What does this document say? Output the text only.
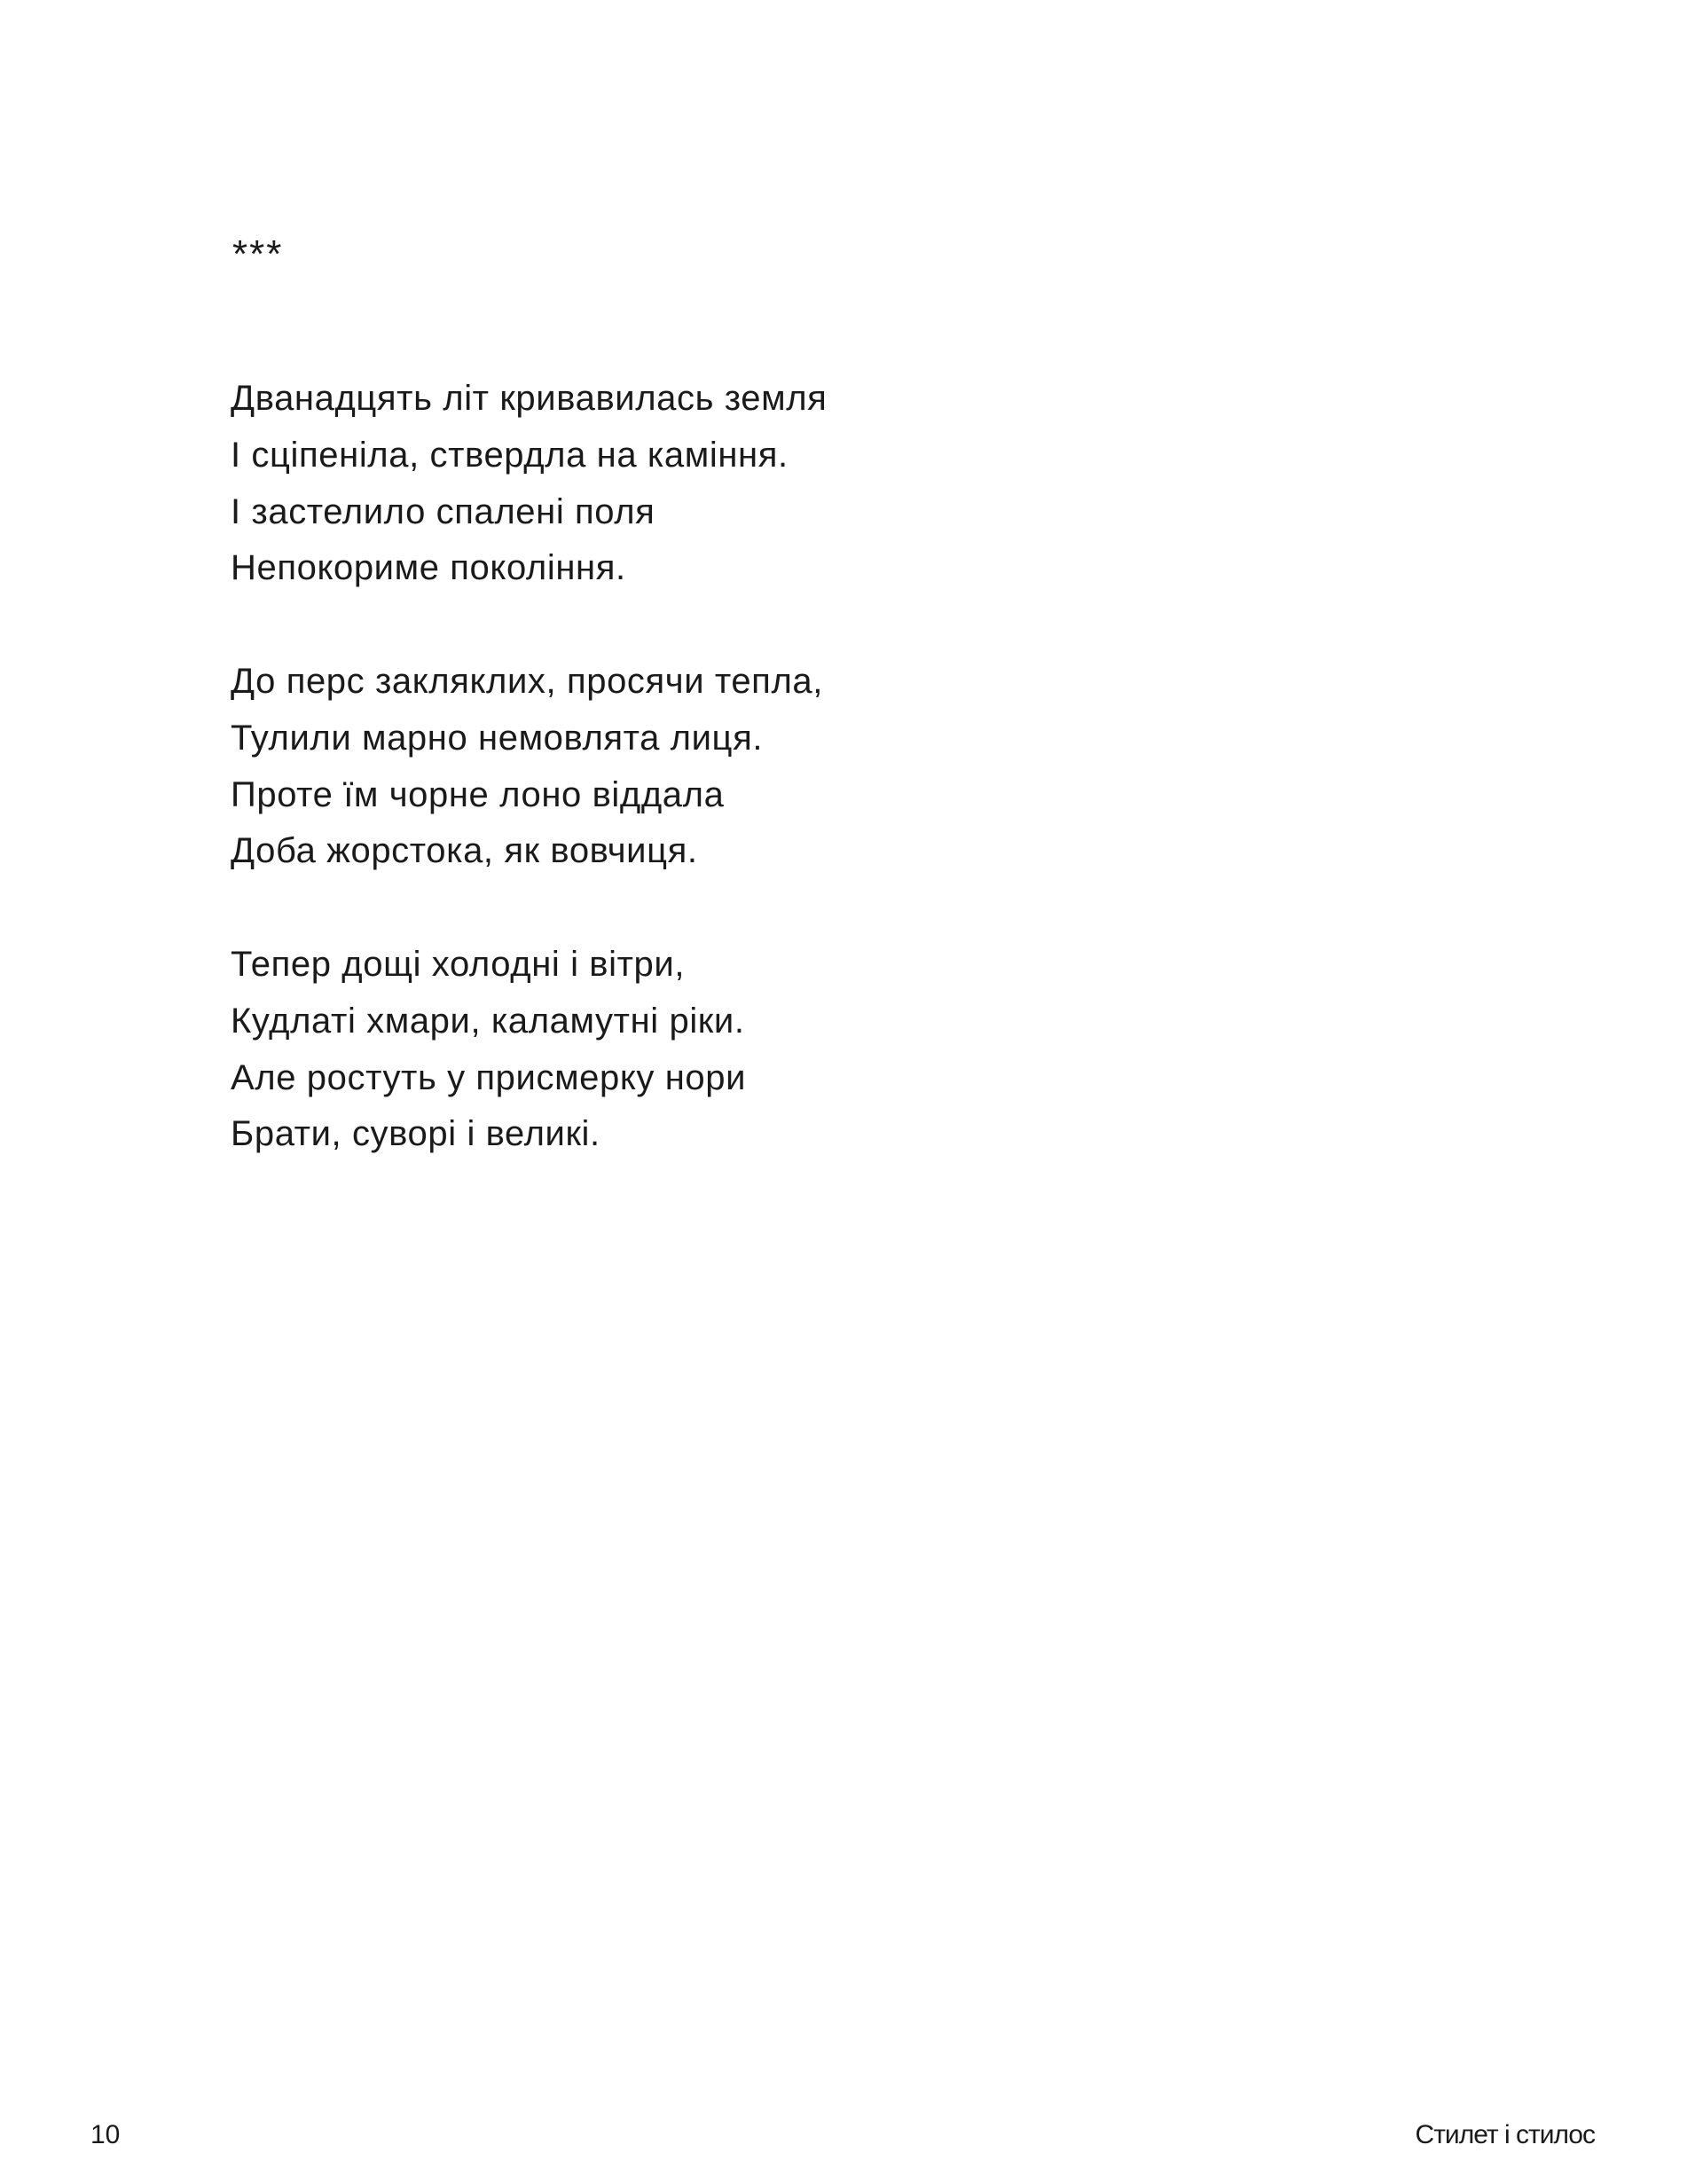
***
Дванадцять літ кривавилась земля
І сціпеніла, ствердла на каміння.
І застелило спалені поля
Непокориме покоління.
До перс закляклих, просячи тепла,
Тулили марно немовлята лиця.
Проте їм чорне лоно віддала
Доба жорстока, як вовчиця.
Тепер дощі холодні і вітри,
Кудлаті хмари, каламутні ріки.
Але ростуть у присмерку нори
Брати, суворі і великі.
10	Стилет і стилос
